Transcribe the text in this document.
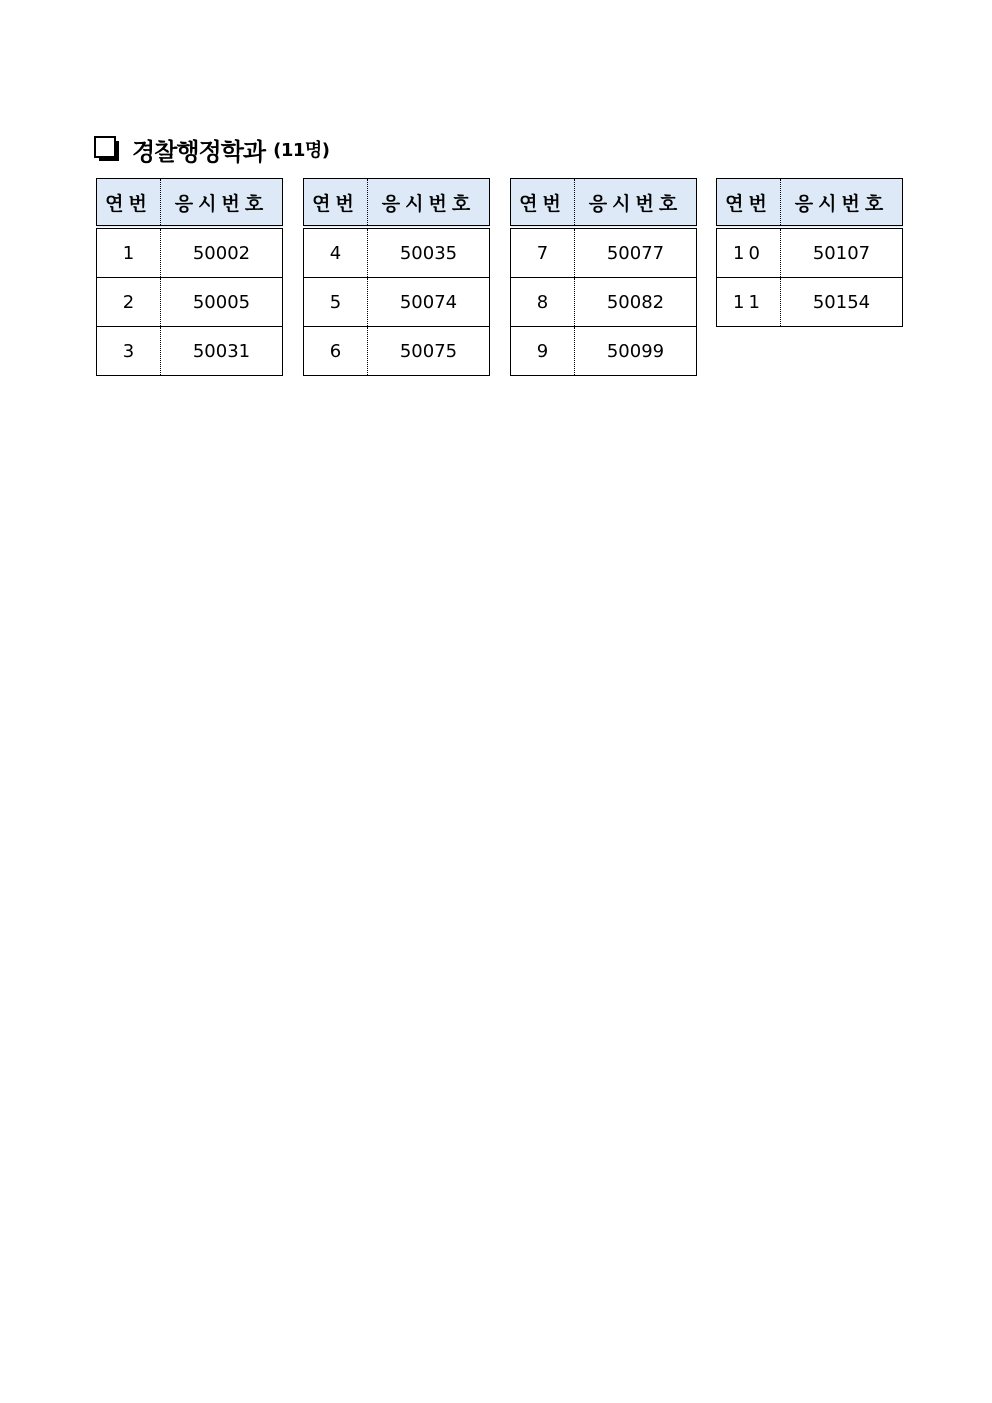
경찰행정학과 (11명)
연번	응시번호
1	50002
2	50005
3	50031
연번	응시번호
4	50035
5	50074
6	50075
연번	응시번호
7	50077
8	50082
9	50099
연번	응시번호
10	50107
11	50154
